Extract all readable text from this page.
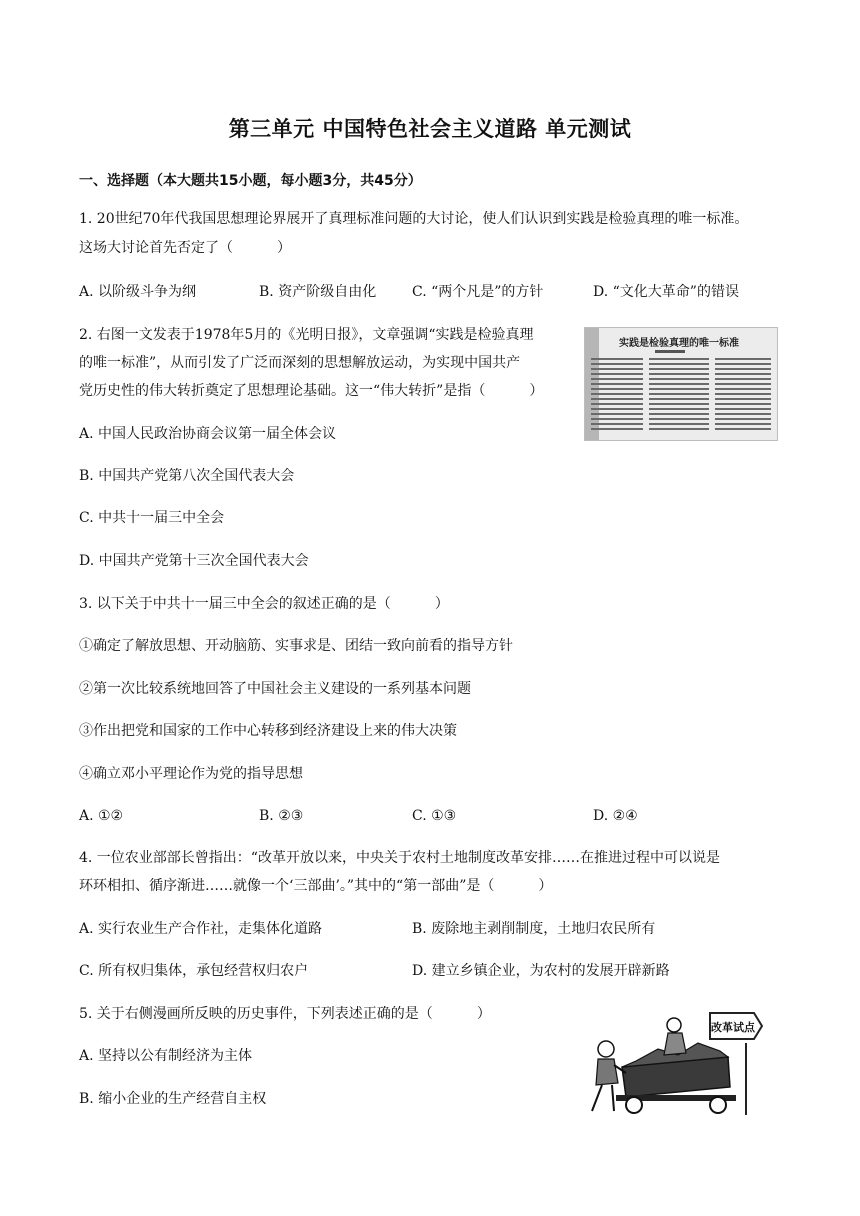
第三单元 中国特色社会主义道路 单元测试
一、选择题（本大题共15小题，每小题3分，共45分）
1. 20世纪70年代我国思想理论界展开了真理标准问题的大讨论，使人们认识到实践是检验真理的唯一标准。
这场大讨论首先否定了（	）
A. 以阶级斗争为纲	B. 资产阶级自由化	C. “两个凡是”的方针	D. “文化大革命”的错误
2. 右图一文发表于1978年5月的《光明日报》，文章强调“实践是检验真理
的唯一标准”，从而引发了广泛而深刻的思想解放运动，为实现中国共产
党历史性的伟大转折奠定了思想理论基础。这一“伟大转折”是指（	）
实践是检验真理的唯一标准
A. 中国人民政治协商会议第一届全体会议
B. 中国共产党第八次全国代表大会
C. 中共十一届三中全会
D. 中国共产党第十三次全国代表大会
3. 以下关于中共十一届三中全会的叙述正确的是（	）
①确定了解放思想、开动脑筋、实事求是、团结一致向前看的指导方针
②第一次比较系统地回答了中国社会主义建设的一系列基本问题
③作出把党和国家的工作中心转移到经济建设上来的伟大决策
④确立邓小平理论作为党的指导思想
A. ①②	B. ②③	C. ①③	D. ②④
4. 一位农业部部长曾指出：“改革开放以来，中央关于农村土地制度改革安排……在推进过程中可以说是
环环相扣、循序渐进……就像一个‘三部曲’。”其中的“第一部曲”是（	）
A. 实行农业生产合作社，走集体化道路	B. 废除地主剥削制度，土地归农民所有
C. 所有权归集体，承包经营权归农户	D. 建立乡镇企业，为农村的发展开辟新路
5. 关于右侧漫画所反映的历史事件，下列表述正确的是（	）
A. 坚持以公有制经济为主体
B. 缩小企业的生产经营自主权
改革试点
